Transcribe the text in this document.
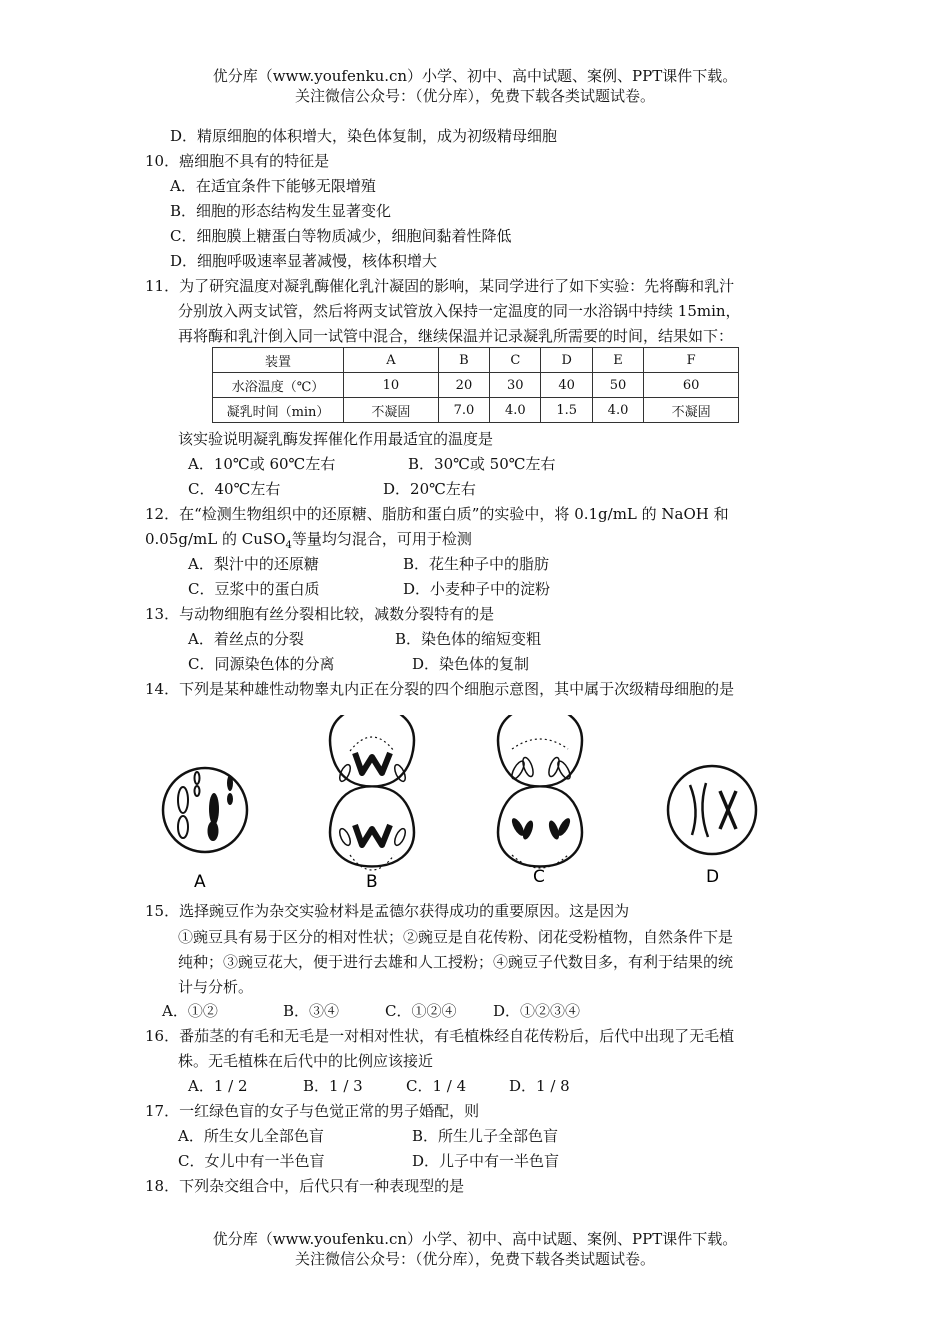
优分库（www.youfenku.cn）小学、初中、高中试题、案例、PPT课件下载。
关注微信公众号：（优分库），免费下载各类试题试卷。
D．精原细胞的体积增大，染色体复制，成为初级精母细胞
10．癌细胞不具有的特征是
A．在适宜条件下能够无限增殖
B．细胞的形态结构发生显著变化
C．细胞膜上糖蛋白等物质减少，细胞间黏着性降低
D．细胞呼吸速率显著减慢，核体积增大
11．为了研究温度对凝乳酶催化乳汁凝固的影响，某同学进行了如下实验：先将酶和乳汁
分别放入两支试管，然后将两支试管放入保持一定温度的同一水浴锅中持续 15min，
再将酶和乳汁倒入同一试管中混合，继续保温并记录凝乳所需要的时间，结果如下：
装置	A	B	C	D	E	F
水浴温度（℃）	10	20	30	40	50	60
凝乳时间（min）	不凝固	7.0	4.0	1.5	4.0	不凝固
该实验说明凝乳酶发挥催化作用最适宜的温度是
A．10℃或 60℃左右	B．30℃或 50℃左右
C．40℃左右	D．20℃左右
12．在“检测生物组织中的还原糖、脂肪和蛋白质”的实验中，将 0.1g/mL 的 NaOH 和
0.05g/mL 的 CuSO$_4$等量均匀混合，可用于检测
A．梨汁中的还原糖	B．花生种子中的脂肪
C．豆浆中的蛋白质	D．小麦种子中的淀粉
13．与动物细胞有丝分裂相比较，减数分裂特有的是
A．着丝点的分裂	B．染色体的缩短变粗
C．同源染色体的分离	D．染色体的复制
14．下列是某种雄性动物睾丸内正在分裂的四个细胞示意图，其中属于次级精母细胞的是
A	B	C	D
15．选择豌豆作为杂交实验材料是孟德尔获得成功的重要原因。这是因为
①豌豆具有易于区分的相对性状；②豌豆是自花传粉、闭花受粉植物，自然条件下是
纯种；③豌豆花大，便于进行去雄和人工授粉；④豌豆子代数目多，有利于结果的统
计与分析。
A．①②	B．③④	C．①②④ D．①②③④
16．番茄茎的有毛和无毛是一对相对性状，有毛植株经自花传粉后，后代中出现了无毛植
株。无毛植株在后代中的比例应该接近
A．1 / 2	B．1 / 3	C．1 / 4	D．1 / 8
17．一红绿色盲的女子与色觉正常的男子婚配，则
A．所生女儿全部色盲	B．所生儿子全部色盲
C．女儿中有一半色盲	D．儿子中有一半色盲
18．下列杂交组合中，后代只有一种表现型的是
优分库（www.youfenku.cn）小学、初中、高中试题、案例、PPT课件下载。
关注微信公众号：（优分库），免费下载各类试题试卷。
